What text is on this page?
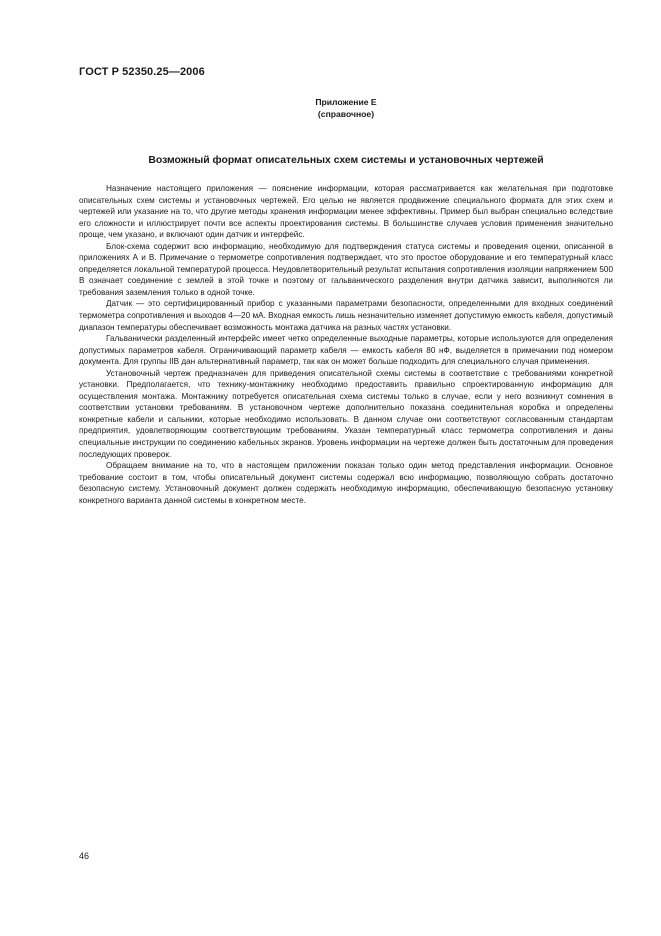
ГОСТ Р 52350.25—2006
Приложение Е
(справочное)
Возможный формат описательных схем системы и установочных чертежей

Назначение настоящего приложения — пояснение информации, которая рассматривается как желательная при подготовке описательных схем системы и установочных чертежей. Его целью не является продвижение специального формата для этих схем и чертежей или указание на то, что другие методы хранения информации менее эффективны. Пример был выбран специально вследствие его сложности и иллюстрирует почти все аспекты проектирования системы. В большинстве случаев условия применения значительно проще, чем указано, и включают один датчик и интерфейс.

Блок-схема содержит всю информацию, необходимую для подтверждения статуса системы и проведения оценки, описанной в приложениях А и В. Примечание о термометре сопротивления подтверждает, что это простое оборудование и его температурный класс определяется локальной температурой процесса. Неудовлетворительный результат испытания сопротивления изоляции напряжением 500 В означает соединение с землей в этой точке и поэтому от гальванического разделения внутри датчика зависит, выполняются ли требования заземления только в одной точке.

Датчик — это сертифицированный прибор с указанными параметрами безопасности, определенными для входных соединений термометра сопротивления и выходов 4—20 мА. Входная емкость лишь незначительно изменяет допустимую емкость кабеля, допустимый диапазон температуры обеспечивает возможность монтажа датчика на разных частях установки.

Гальванически разделенный интерфейс имеет четко определенные выходные параметры, которые используются для определения допустимых параметров кабеля. Ограничивающий параметр кабеля — емкость кабеля 80 нФ, выделяется в примечании под номером документа. Для группы IIB дан альтернативный параметр, так как он может больше подходить для специального случая применения.

Установочный чертеж предназначен для приведения описательной схемы системы в соответствие с требованиями конкретной установки. Предполагается, что технику-монтажнику необходимо предоставить правильно спроектированную информацию для осуществления монтажа. Монтажнику потребуется описательная схема системы только в случае, если у него возникнут сомнения в соответствии установки требованиям. В установочном чертеже дополнительно показана соединительная коробка и определены конкретные кабели и сальники, которые необходимо использовать. В данном случае они соответствуют согласованным стандартам предприятия, удовлетворяющим соответствующим требованиям. Указан температурный класс термометра сопротивления и даны специальные инструкции по соединению кабельных экранов. Уровень информации на чертеже должен быть достаточным для проведения последующих проверок.

Обращаем внимание на то, что в настоящем приложении показан только один метод представления информации. Основное требование состоит в том, чтобы описательный документ системы содержал всю информацию, позволяющую собрать достаточно безопасную систему. Установочный документ должен содержать необходимую информацию, обеспечивающую безопасную установку конкретного варианта данной системы в конкретном месте.

46
